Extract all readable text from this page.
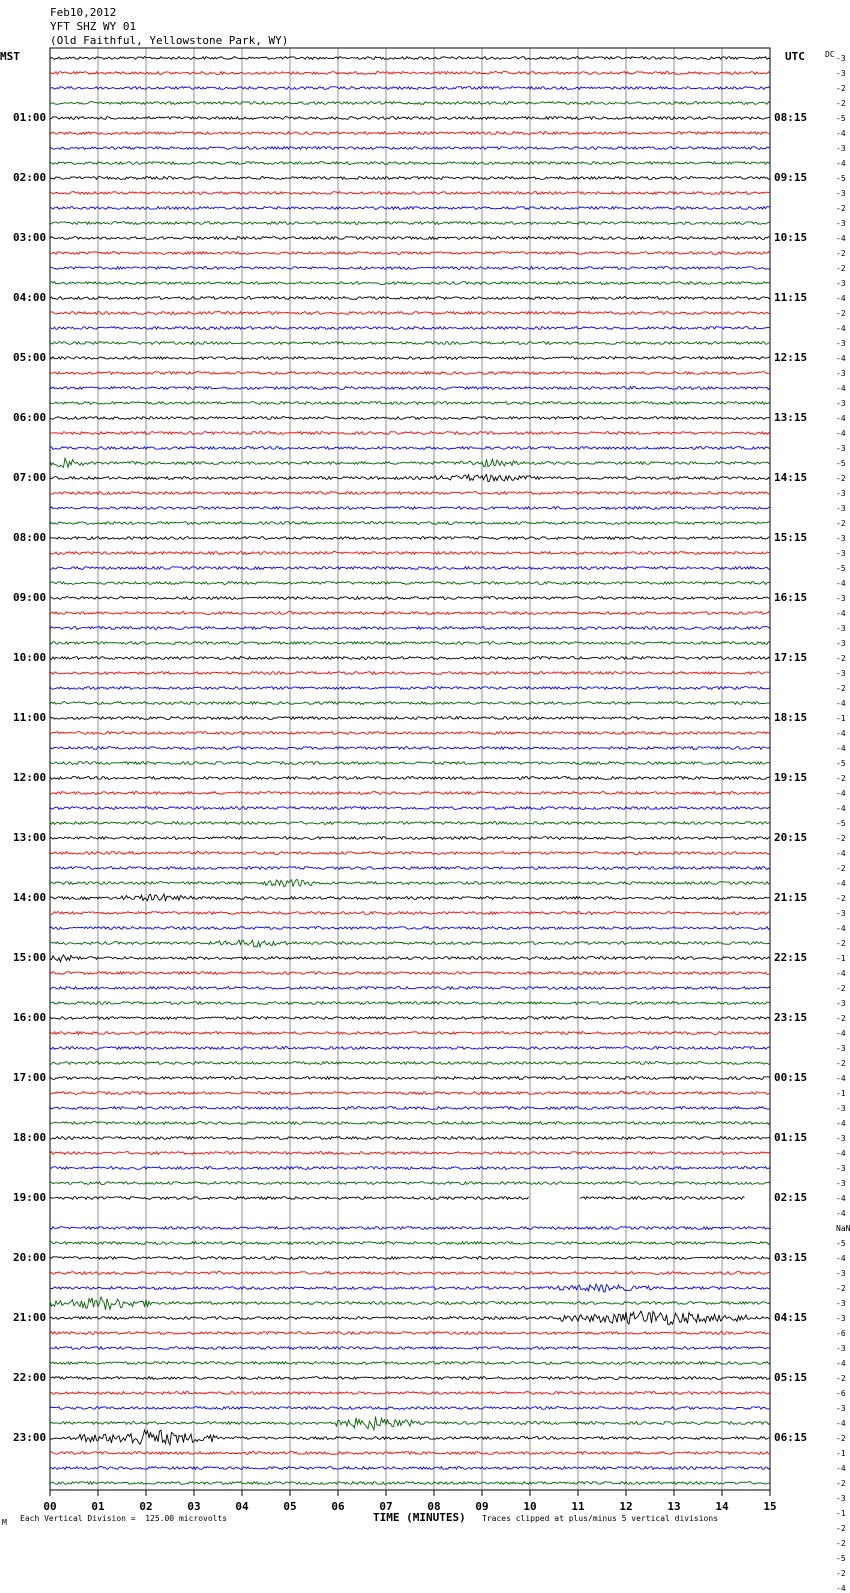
Feb10,2012
YFT SHZ WY 01
(Old Faithful, Yellowstone Park, WY)
MST	UTC	DC
01:00
02:00
03:00
04:00
05:00
06:00
07:00
08:00
09:00
10:00
11:00
12:00
13:00
14:00
15:00
16:00
17:00
18:00
19:00
20:00
21:00
22:00
23:00
08:15
09:15
10:15
11:15
12:15
13:15
14:15
15:15
16:15
17:15
18:15
19:15
20:15
21:15
22:15
23:15
00:15
01:15
02:15
03:15
04:15
05:15
06:15
-3
-3
-2
-2
-5
-4
-3
-4
-5
-3
-2
-3
-4
-2
-2
-3
-4
-2
-4
-3
-4
-3
-4
-3
-4
-4
-3
-5
-2
-3
-3
-2
-3
-3
-5
-4
-3
-4
-3
-3
-2
-3
-2
-4
-1
-4
-4
-5
-2
-4
-4
-5
-2
-4
-2
-4
-2
-3
-4
-2
-1
-4
-2
-3
-2
-4
-3
-2
-4
-1
-3
-4
-3
-4
-3
-3
-4
-4
NaN
-5
-4
-3
-2
-3
-3
-6
-3
-4
-2
-6
-3
-4
-2
-1
-4
-2
-3
-1
-2
-2
-5
-2
-4
00	01	02	03	04	05	06	07	08	09	10	11	12	13	14	15
TIME (MINUTES)
Each Vertical Division =  125.00 microvolts	Traces clipped at plus/minus 5 vertical divisions
M
